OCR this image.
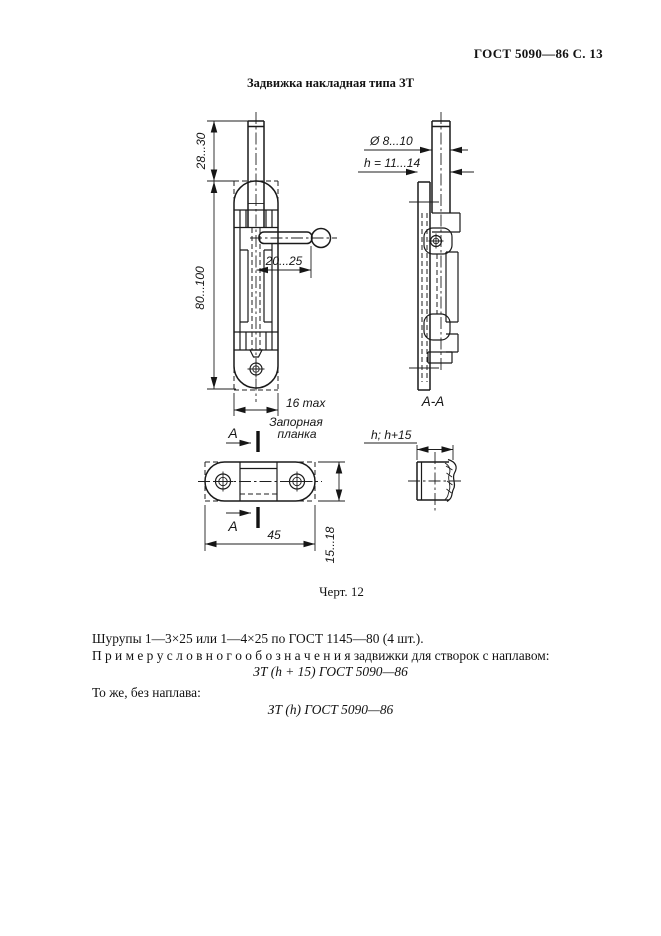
ГОСТ 5090—86 С. 13
Задвижка накладная типа ЗТ
28...30
80...100
20...25
16 max
Ø 8...10
h = 11...14
А-А
Запорная
планка
А
А
45	15...18
h; h+15
Черт. 12
Шурупы 1—3×25 или 1—4×25 по ГОСТ 1145—80 (4 шт.).
П р и м е р у с л о в н о г о о б о з н а ч е н и я задвижки для створок с наплавом:
ЗТ (h + 15) ГОСТ 5090—86
То же, без наплава:
ЗТ (h) ГОСТ 5090—86
